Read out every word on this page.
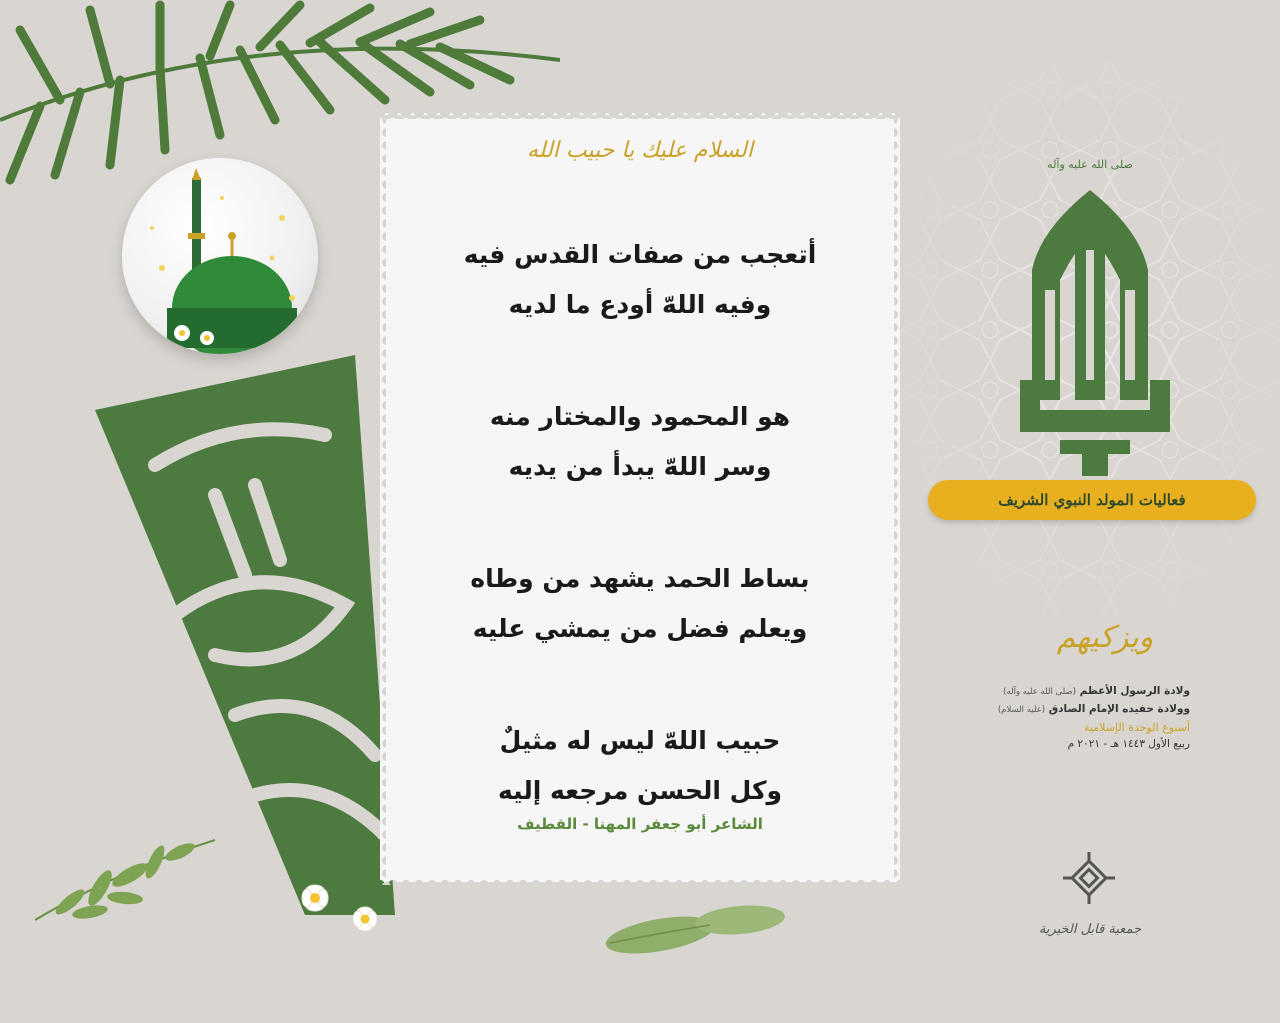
السلام عليك يا حبيب الله
أتعجب من صفات القدس فيه
وفيه اللهّ أودع ما لديه
هو المحمود والمختار منه
وسر اللهّ يبدأ من يديه
بساط الحمد يشهد من وطاه
ويعلم فضل من يمشي عليه
حبيب اللهّ ليس له مثيلٌ
وكل الحسن مرجعه إليه
الشاعر أبو جعفر المهنا - القطيف
صلى الله عليه وآله
حبيب الله
فعاليات المولد النبوي الشريف
ويزكيهم
ولادة الرسول الأعظم (صلى الله عليه وآله)
وولادة حفيده الإمام الصادق (عليه السلام)
أسبوع الوحدة الإسلامية
ربيع الأول ١٤٤٣ هـ - ٢٠٢١ م
جمعية قابل الخيرية
